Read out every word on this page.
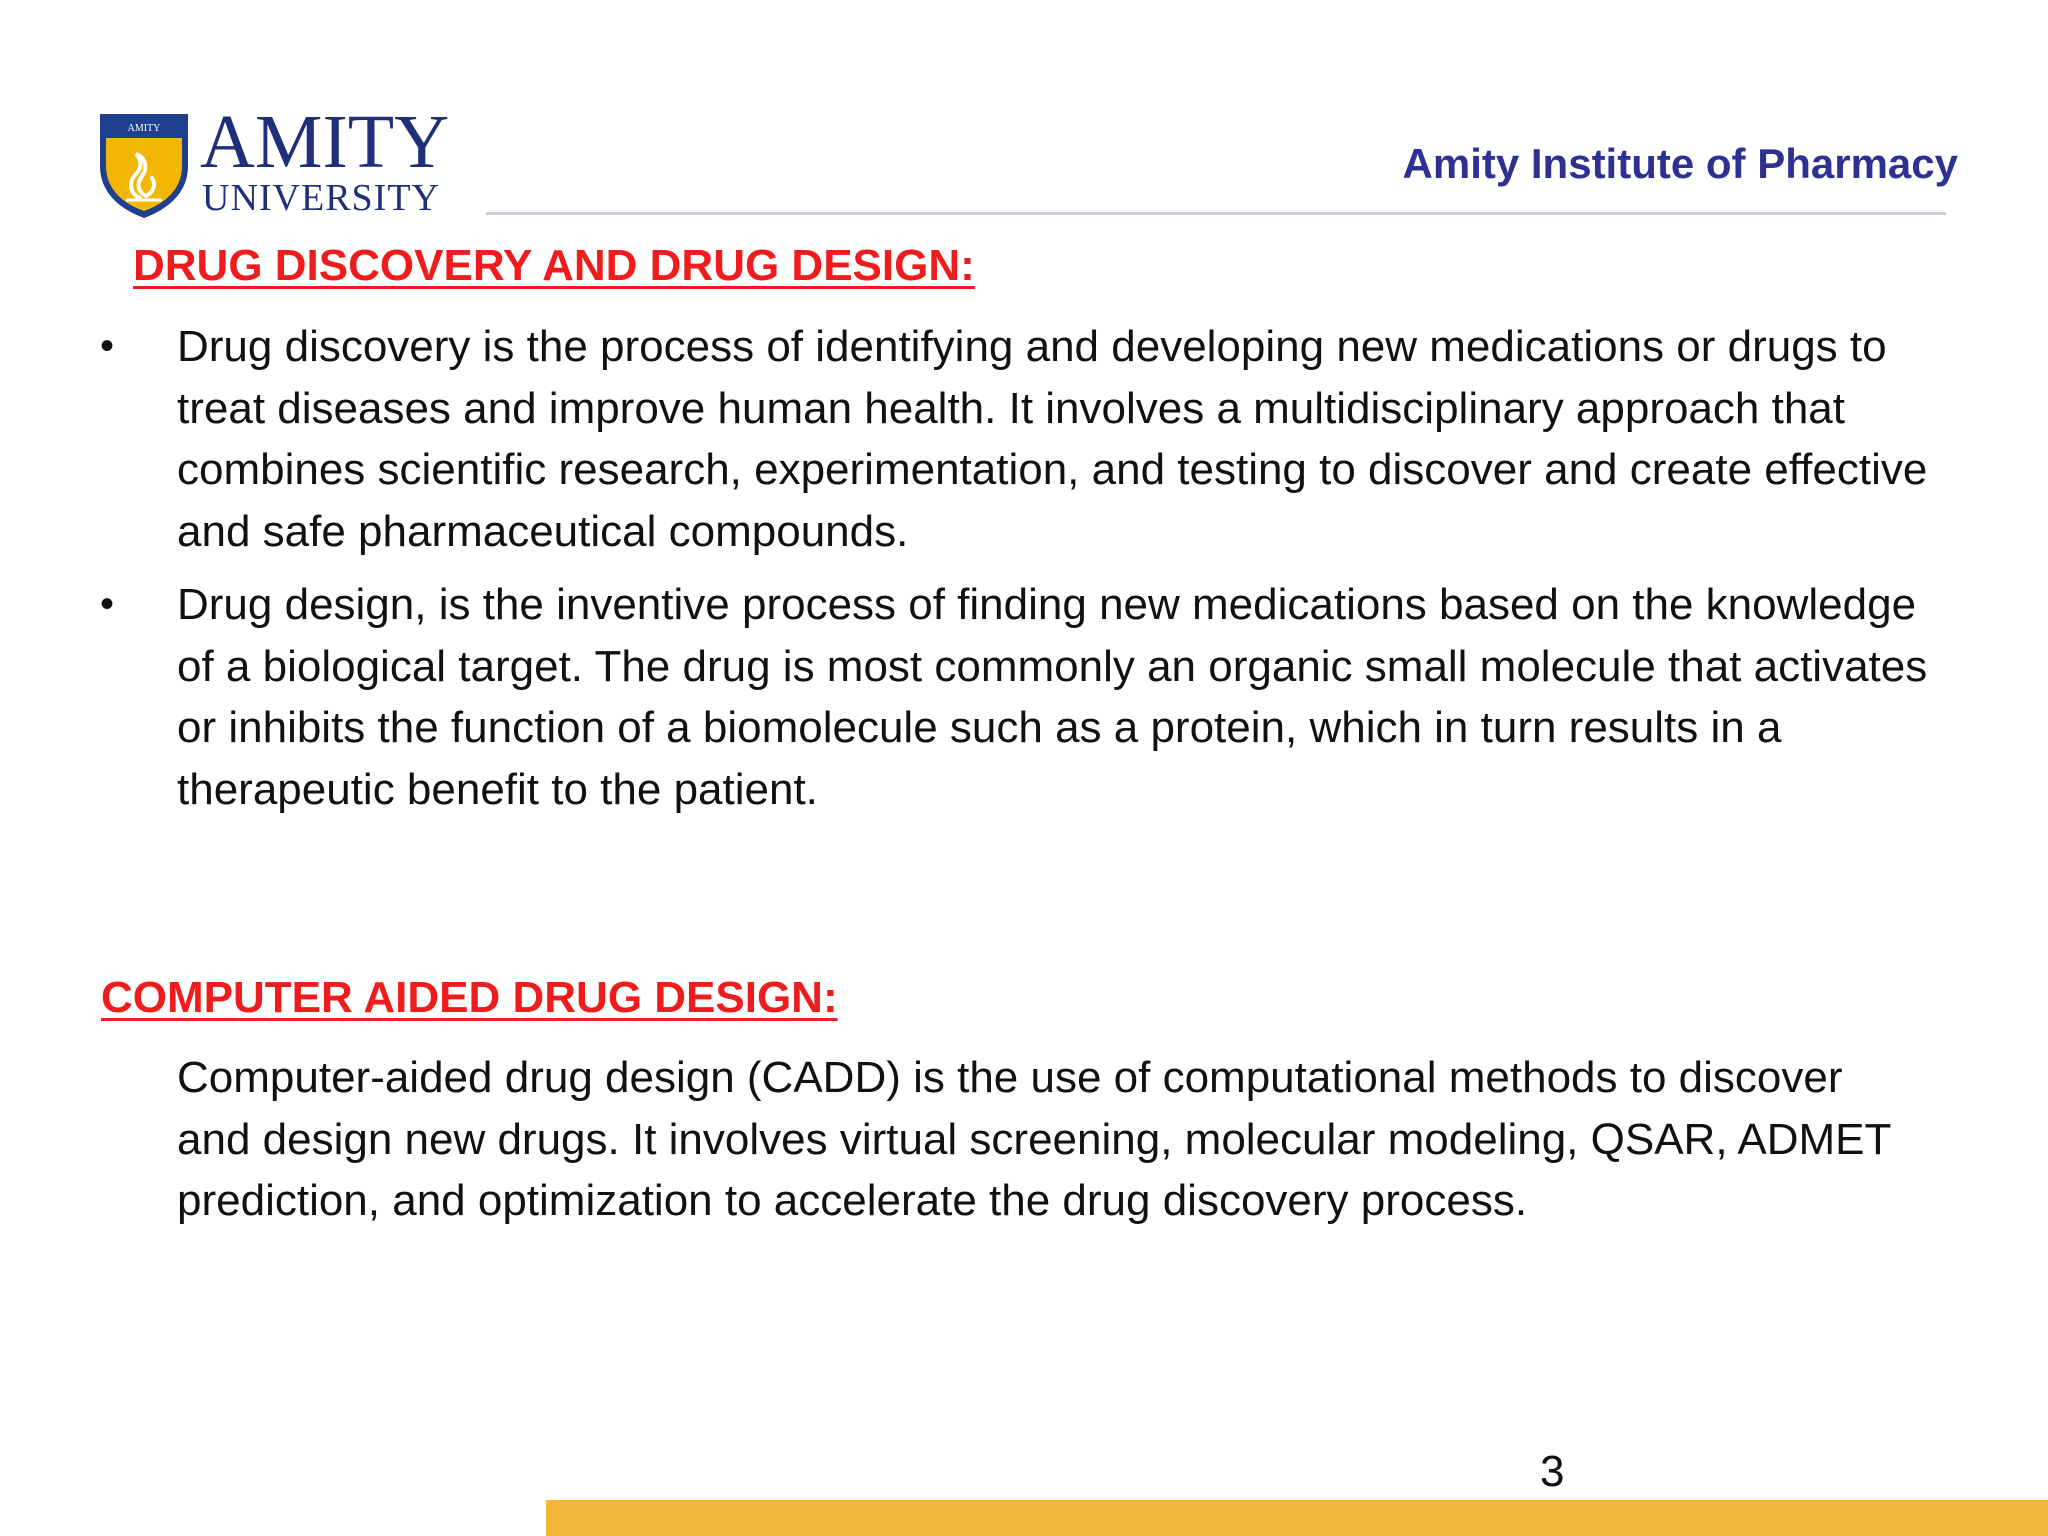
AMITY AMITY
UNIVERSITY
Amity Institute of Pharmacy
DRUG DISCOVERY AND DRUG DESIGN:
•	Drug discovery is the process of identifying and developing new medications or drugs to treat diseases and improve human health. It involves a multidisciplinary approach that combines scientific research, experimentation, and testing to discover and create effective and safe pharmaceutical compounds.
•	Drug design, is the inventive process of finding new medications based on the knowledge of a biological target. The drug is most commonly an organic small molecule that activates or inhibits the function of a biomolecule such as a protein, which in turn results in a therapeutic benefit to the patient.
COMPUTER AIDED DRUG DESIGN:

Computer-aided drug design (CADD) is the use of computational methods to discover and design new drugs. It involves virtual screening, molecular modeling, QSAR, ADMET prediction, and optimization to accelerate the drug discovery process.

3
